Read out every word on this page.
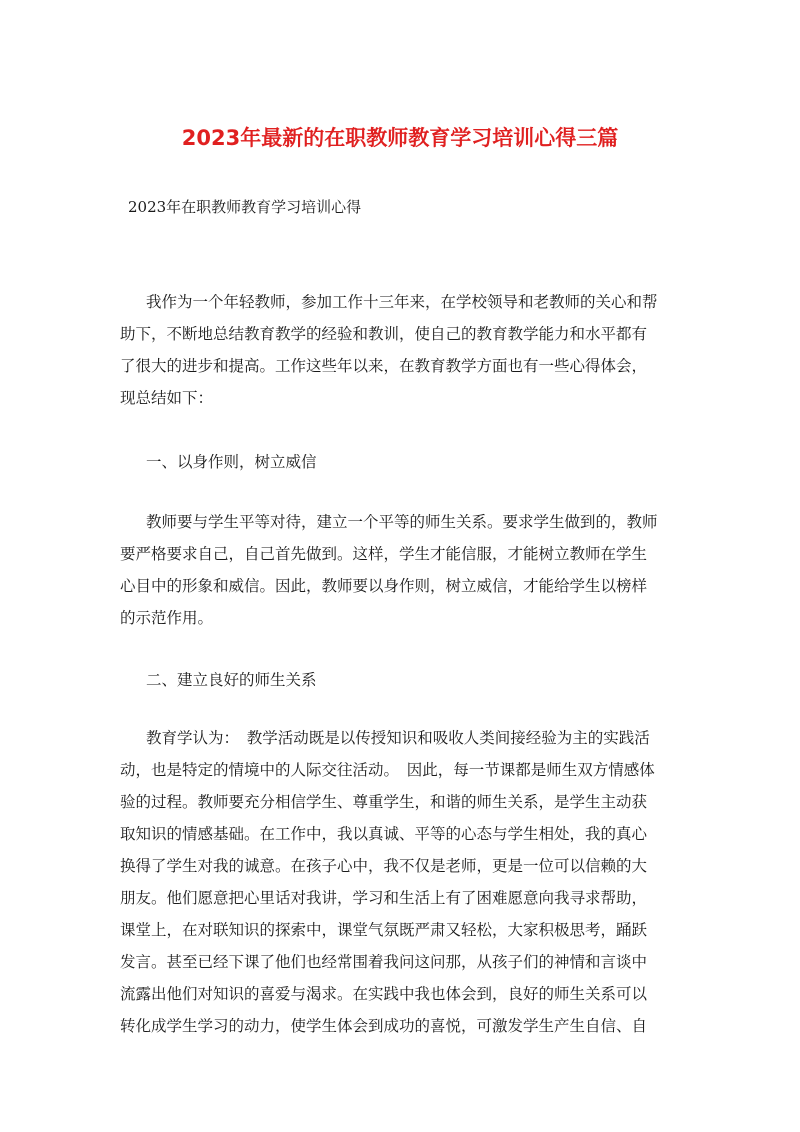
2023年最新的在职教师教育学习培训心得三篇

2023年在职教师教育学习培训心得

我作为一个年轻教师，参加工作十三年来，在学校领导和老教师的关心和帮
助下，不断地总结教育教学的经验和教训，使自己的教育教学能力和水平都有
了很大的进步和提高。工作这些年以来，在教育教学方面也有一些心得体会，
现总结如下：

一、以身作则，树立威信

教师要与学生平等对待，建立一个平等的师生关系。要求学生做到的，教师
要严格要求自己，自己首先做到。这样，学生才能信服，才能树立教师在学生
心目中的形象和威信。因此，教师要以身作则，树立威信，才能给学生以榜样
的示范作用。

二、建立良好的师生关系

教育学认为：　教学活动既是以传授知识和吸收人类间接经验为主的实践活
动，也是特定的情境中的人际交往活动。　因此，每一节课都是师生双方情感体
验的过程。教师要充分相信学生、尊重学生，和谐的师生关系，是学生主动获
取知识的情感基础。在工作中，我以真诚、平等的心态与学生相处，我的真心
换得了学生对我的诚意。在孩子心中，我不仅是老师，更是一位可以信赖的大
朋友。他们愿意把心里话对我讲，学习和生活上有了困难愿意向我寻求帮助，
课堂上，在对联知识的探索中，课堂气氛既严肃又轻松，大家积极思考，踊跃
发言。甚至已经下课了他们也经常围着我问这问那，从孩子们的神情和言谈中
流露出他们对知识的喜爱与渴求。在实践中我也体会到，良好的师生关系可以
转化成学生学习的动力，使学生体会到成功的喜悦，可激发学生产生自信、自
